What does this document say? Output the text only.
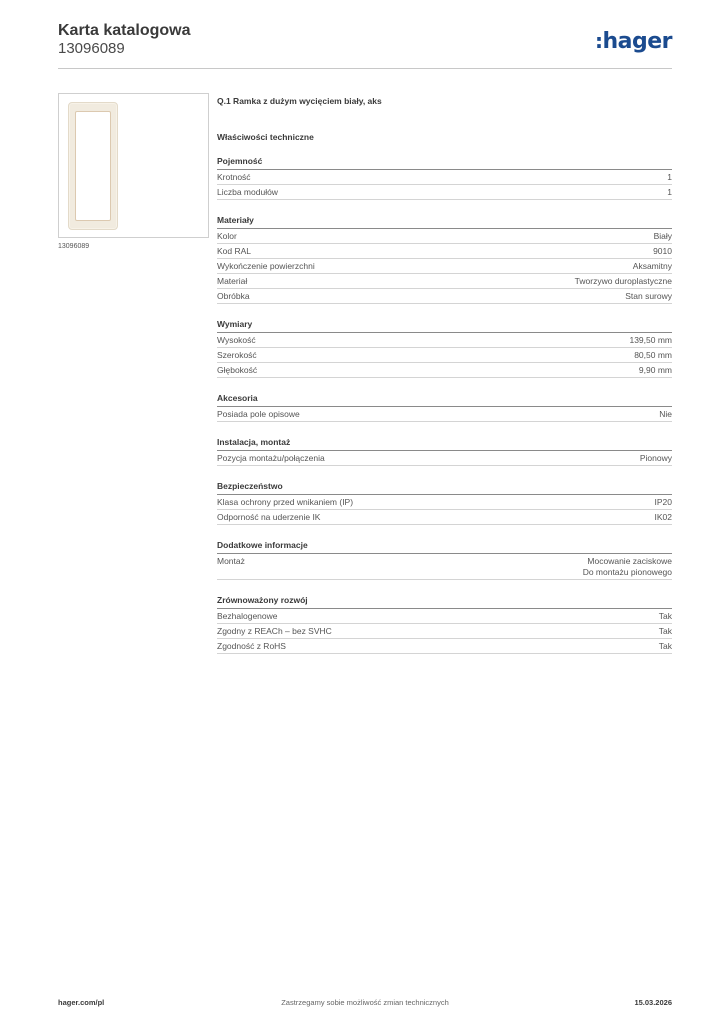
Karta katalogowa
13096089	:hager
13096089
Q.1 Ramka z dużym wycięciem biały, aks
Właściwości techniczne
Pojemność
Krotność	1
Liczba modułów	1
Materiały
Kolor	Biały
Kod RAL	9010
Wykończenie powierzchni	Aksamitny
Materiał	Tworzywo duroplastyczne
Obróbka	Stan surowy
Wymiary
Wysokość	139,50 mm
Szerokość	80,50 mm
Głębokość	9,90 mm
Akcesoria
Posiada pole opisowe	Nie
Instalacja, montaż
Pozycja montażu/połączenia	Pionowy
Bezpieczeństwo
Klasa ochrony przed wnikaniem (IP)	IP20
Odporność na uderzenie IK	IK02
Dodatkowe informacje
Montaż	Mocowanie zaciskowe
Do montażu pionowego
Zrównoważony rozwój
Bezhalogenowe	Tak
Zgodny z REACh – bez SVHC	Tak
Zgodność z RoHS	Tak
Zastrzegamy sobie możliwość zmian technicznych
hager.com/pl	15.03.2026
